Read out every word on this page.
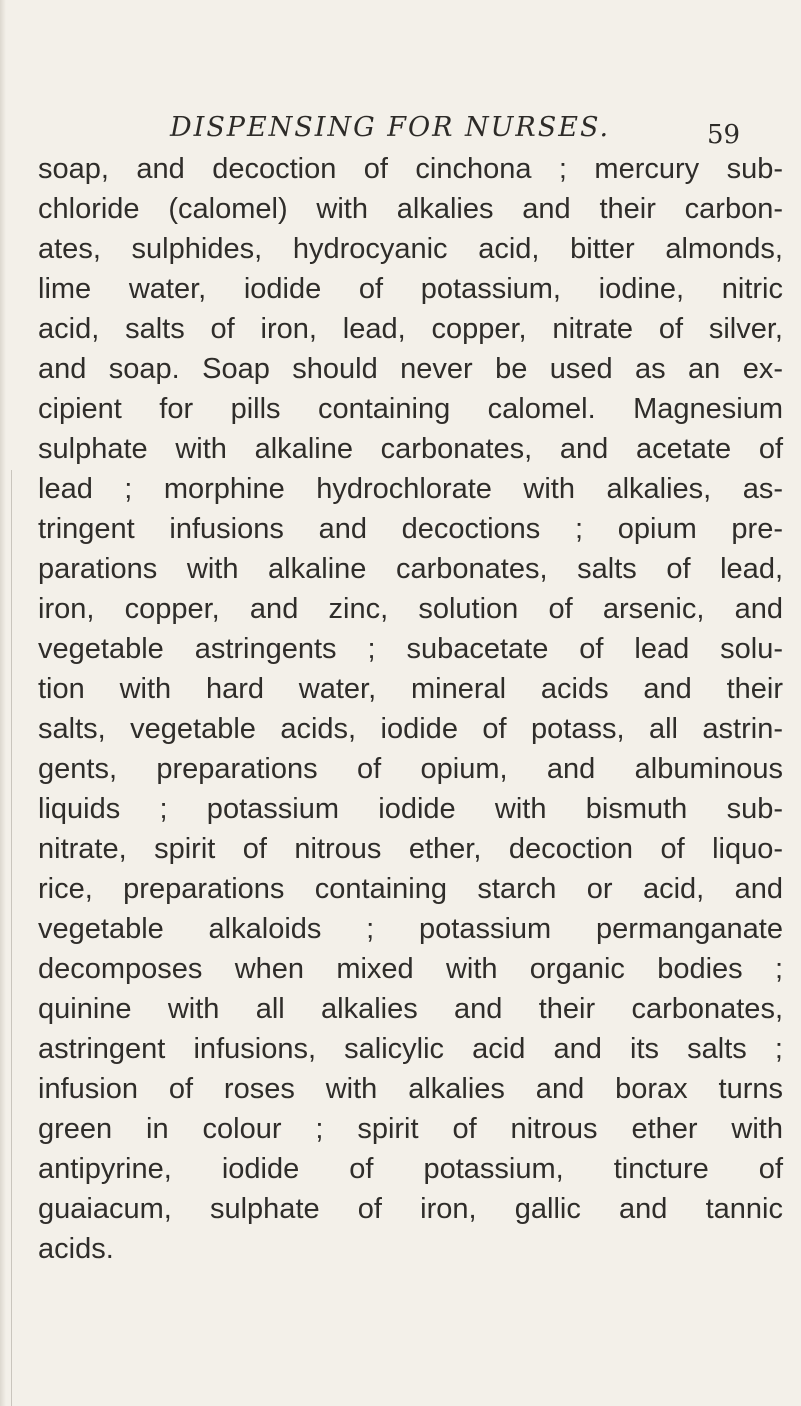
DISPENSING FOR NURSES.	59
soap, and decoction of cinchona ; mercury sub-
chloride (calomel) with alkalies and their carbon-
ates, sulphides, hydrocyanic acid, bitter almonds,
lime water, iodide of potassium, iodine, nitric
acid, salts of iron, lead, copper, nitrate of silver,
and soap. Soap should never be used as an ex-
cipient for pills containing calomel. Magnesium
sulphate with alkaline carbonates, and acetate of
lead ; morphine hydrochlorate with alkalies, as-
tringent infusions and decoctions ; opium pre-
parations with alkaline carbonates, salts of lead,
iron, copper, and zinc, solution of arsenic, and
vegetable astringents ; subacetate of lead solu-
tion with hard water, mineral acids and their
salts, vegetable acids, iodide of potass, all astrin-
gents, preparations of opium, and albuminous
liquids ; potassium iodide with bismuth sub-
nitrate, spirit of nitrous ether, decoction of liquo-
rice, preparations containing starch or acid, and
vegetable alkaloids ; potassium permanganate
decomposes when mixed with organic bodies ;
quinine with all alkalies and their carbonates,
astringent infusions, salicylic acid and its salts ;
infusion of roses with alkalies and borax turns
green in colour ; spirit of nitrous ether with
antipyrine, iodide of potassium, tincture of
guaiacum, sulphate of iron, gallic and tannic
acids.
